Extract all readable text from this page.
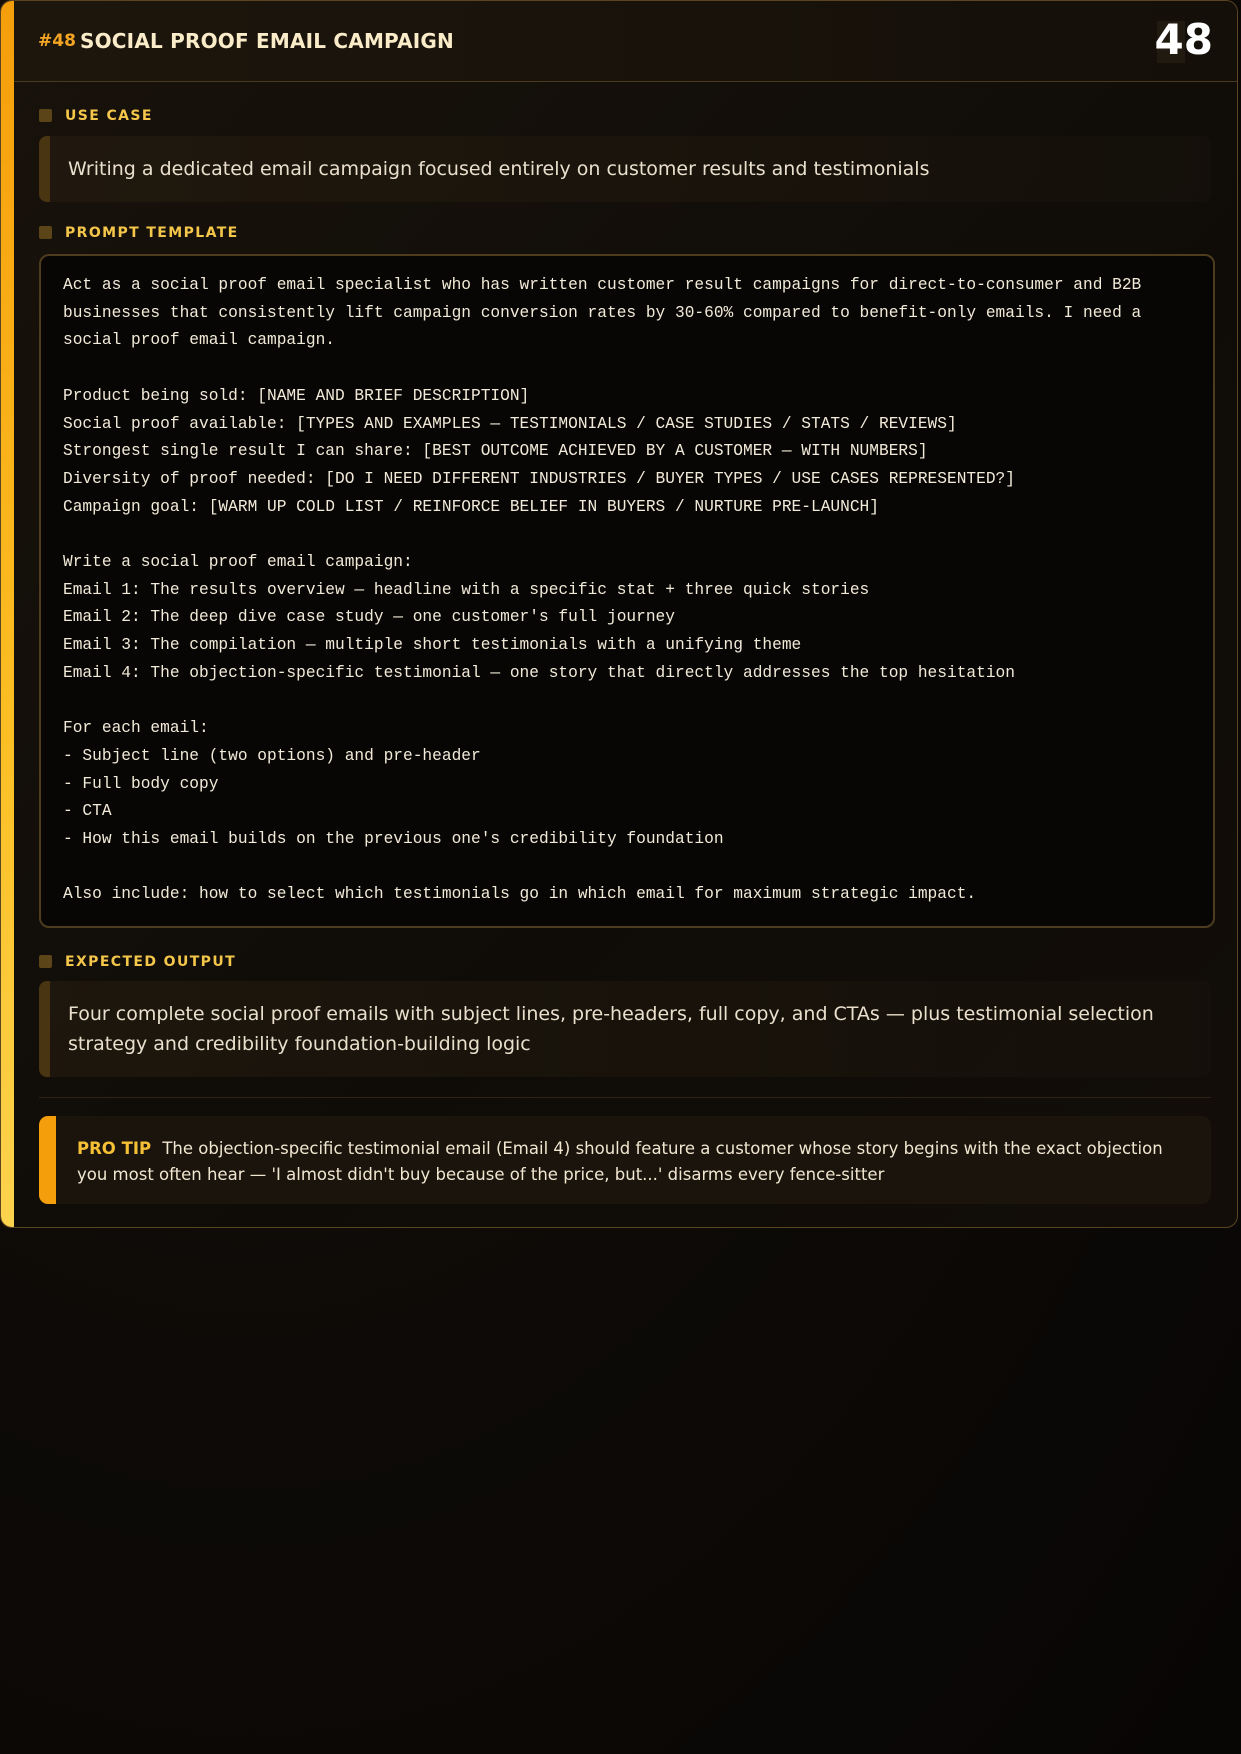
#48 SOCIAL PROOF EMAIL CAMPAIGN	48
USE CASE
Writing a dedicated email campaign focused entirely on customer results and testimonials
PROMPT TEMPLATE
Act as a social proof email specialist who has written customer result campaigns for direct-to-consumer and B2B
businesses that consistently lift campaign conversion rates by 30-60% compared to benefit-only emails. I need a
social proof email campaign.
Product being sold: [NAME AND BRIEF DESCRIPTION]
Social proof available: [TYPES AND EXAMPLES — TESTIMONIALS / CASE STUDIES / STATS / REVIEWS]
Strongest single result I can share: [BEST OUTCOME ACHIEVED BY A CUSTOMER — WITH NUMBERS]
Diversity of proof needed: [DO I NEED DIFFERENT INDUSTRIES / BUYER TYPES / USE CASES REPRESENTED?]
Campaign goal: [WARM UP COLD LIST / REINFORCE BELIEF IN BUYERS / NURTURE PRE-LAUNCH]
Write a social proof email campaign:
Email 1: The results overview — headline with a specific stat + three quick stories
Email 2: The deep dive case study — one customer's full journey
Email 3: The compilation — multiple short testimonials with a unifying theme
Email 4: The objection-specific testimonial — one story that directly addresses the top hesitation
For each email:
- Subject line (two options) and pre-header
- Full body copy
- CTA
- How this email builds on the previous one's credibility foundation
Also include: how to select which testimonials go in which email for maximum strategic impact.
EXPECTED OUTPUT
Four complete social proof emails with subject lines, pre-headers, full copy, and CTAs — plus testimonial selection strategy and credibility foundation-building logic
PRO TIP The objection-specific testimonial email (Email 4) should feature a customer whose story begins with the exact objection you most often hear — 'I almost didn't buy because of the price, but...' disarms every fence-sitter
